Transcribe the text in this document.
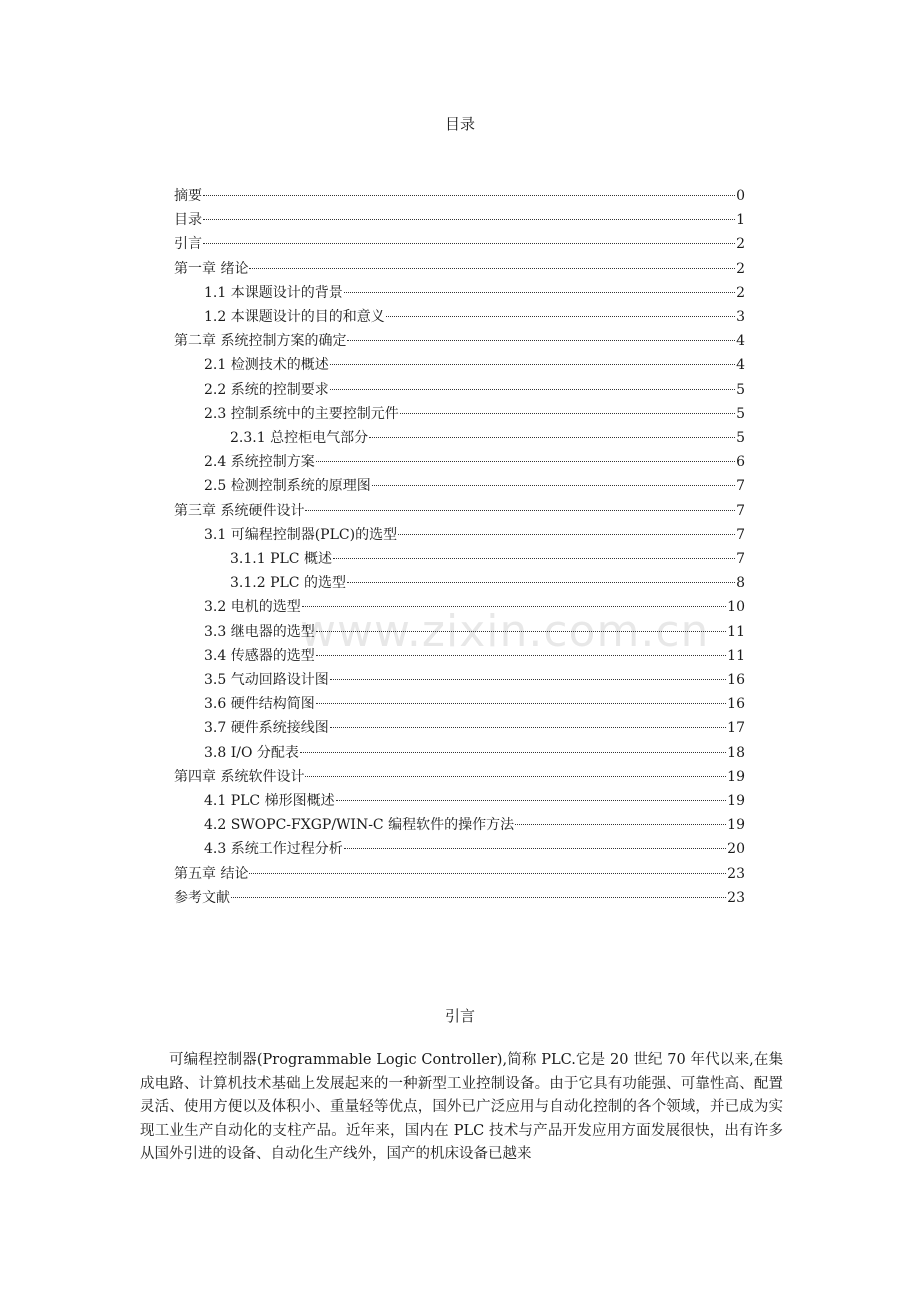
目录
摘要	0
目录	1
引言	2
第一章 绪论	2
1.1 本课题设计的背景	2
1.2 本课题设计的目的和意义	3
第二章 系统控制方案的确定	4
2.1 检测技术的概述	4
2.2 系统的控制要求	5
2.3 控制系统中的主要控制元件	5
2.3.1 总控柜电气部分	5
2.4 系统控制方案	6
2.5 检测控制系统的原理图	7
第三章 系统硬件设计	7
3.1 可编程控制器(PLC)的选型	7
3.1.1 PLC 概述	7
3.1.2 PLC 的选型	8
3.2 电机的选型	10
3.3 继电器的选型	11
3.4 传感器的选型	11
3.5 气动回路设计图	16
3.6 硬件结构简图	16
3.7 硬件系统接线图	17
3.8 I/O 分配表	18
第四章 系统软件设计	19
4.1 PLC 梯形图概述	19
4.2 SWOPC-FXGP/WIN-C 编程软件的操作方法	19
4.3 系统工作过程分析	20
第五章 结论	23
参考文献	23
www.zixin.com.cn
引言

可编程控制器(Programmable Logic Controller),简称 PLC.它是 20 世纪 70 年代以来,在集成电路、计算机技术基础上发展起来的一种新型工业控制设备。由于它具有功能强、可靠性高、配置灵活、使用方便以及体积小、重量轻等优点，国外已广泛应用与自动化控制的各个领域，并已成为实现工业生产自动化的支柱产品。近年来，国内在 PLC 技术与产品开发应用方面发展很快，出有许多从国外引进的设备、自动化生产线外，国产的机床设备已越来
